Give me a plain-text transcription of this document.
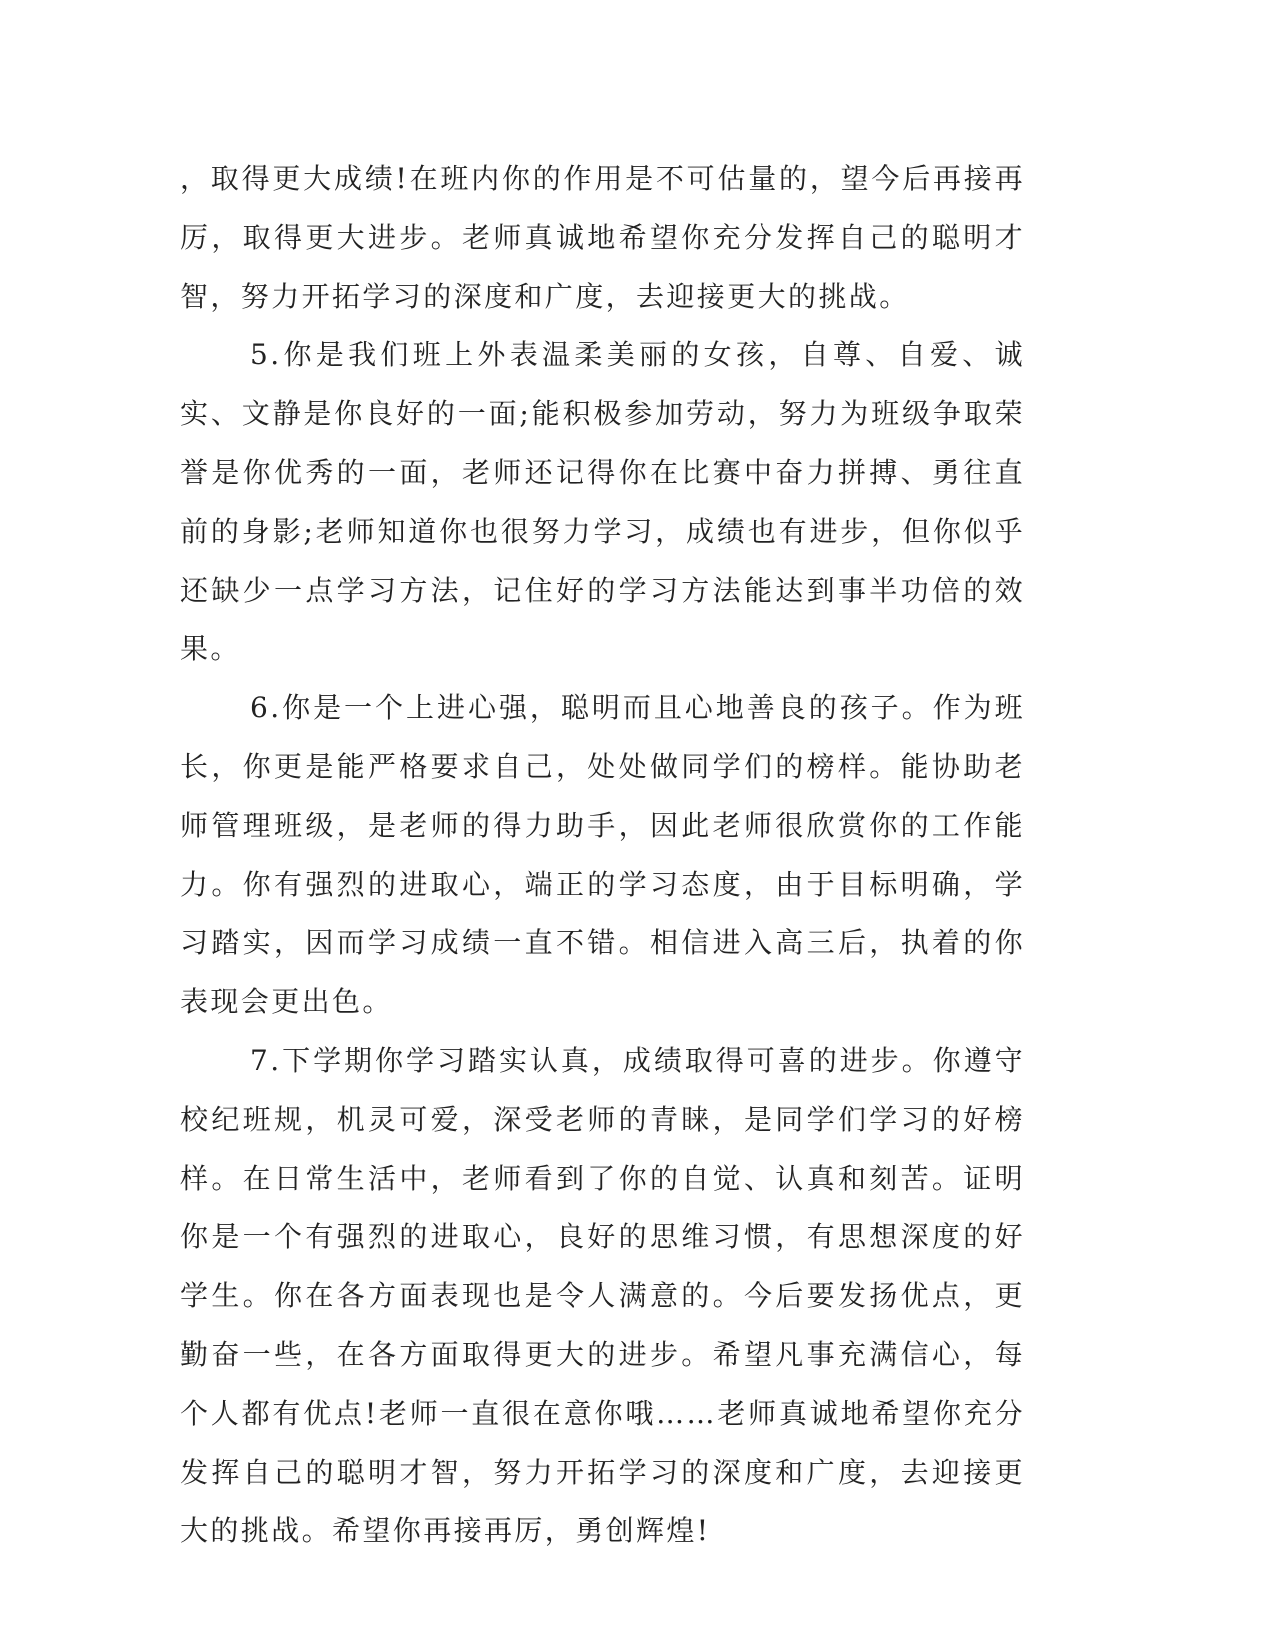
，取得更大成绩!在班内你的作用是不可估量的，望今后再接再厉，取得更大进步。老师真诚地希望你充分发挥自己的聪明才智，努力开拓学习的深度和广度，去迎接更大的挑战。

5.你是我们班上外表温柔美丽的女孩，自尊、自爱、诚实、文静是你良好的一面;能积极参加劳动，努力为班级争取荣誉是你优秀的一面，老师还记得你在比赛中奋力拼搏、勇往直前的身影;老师知道你也很努力学习，成绩也有进步，但你似乎还缺少一点学习方法，记住好的学习方法能达到事半功倍的效果。

6.你是一个上进心强，聪明而且心地善良的孩子。作为班长，你更是能严格要求自己，处处做同学们的榜样。能协助老师管理班级，是老师的得力助手，因此老师很欣赏你的工作能力。你有强烈的进取心，端正的学习态度，由于目标明确，学习踏实，因而学习成绩一直不错。相信进入高三后，执着的你表现会更出色。

7.下学期你学习踏实认真，成绩取得可喜的进步。你遵守校纪班规，机灵可爱，深受老师的青睐，是同学们学习的好榜样。在日常生活中，老师看到了你的自觉、认真和刻苦。证明你是一个有强烈的进取心，良好的思维习惯，有思想深度的好学生。你在各方面表现也是令人满意的。今后要发扬优点，更勤奋一些，在各方面取得更大的进步。希望凡事充满信心，每个人都有优点!老师一直很在意你哦……老师真诚地希望你充分发挥自己的聪明才智，努力开拓学习的深度和广度，去迎接更大的挑战。希望你再接再厉，勇创辉煌!
